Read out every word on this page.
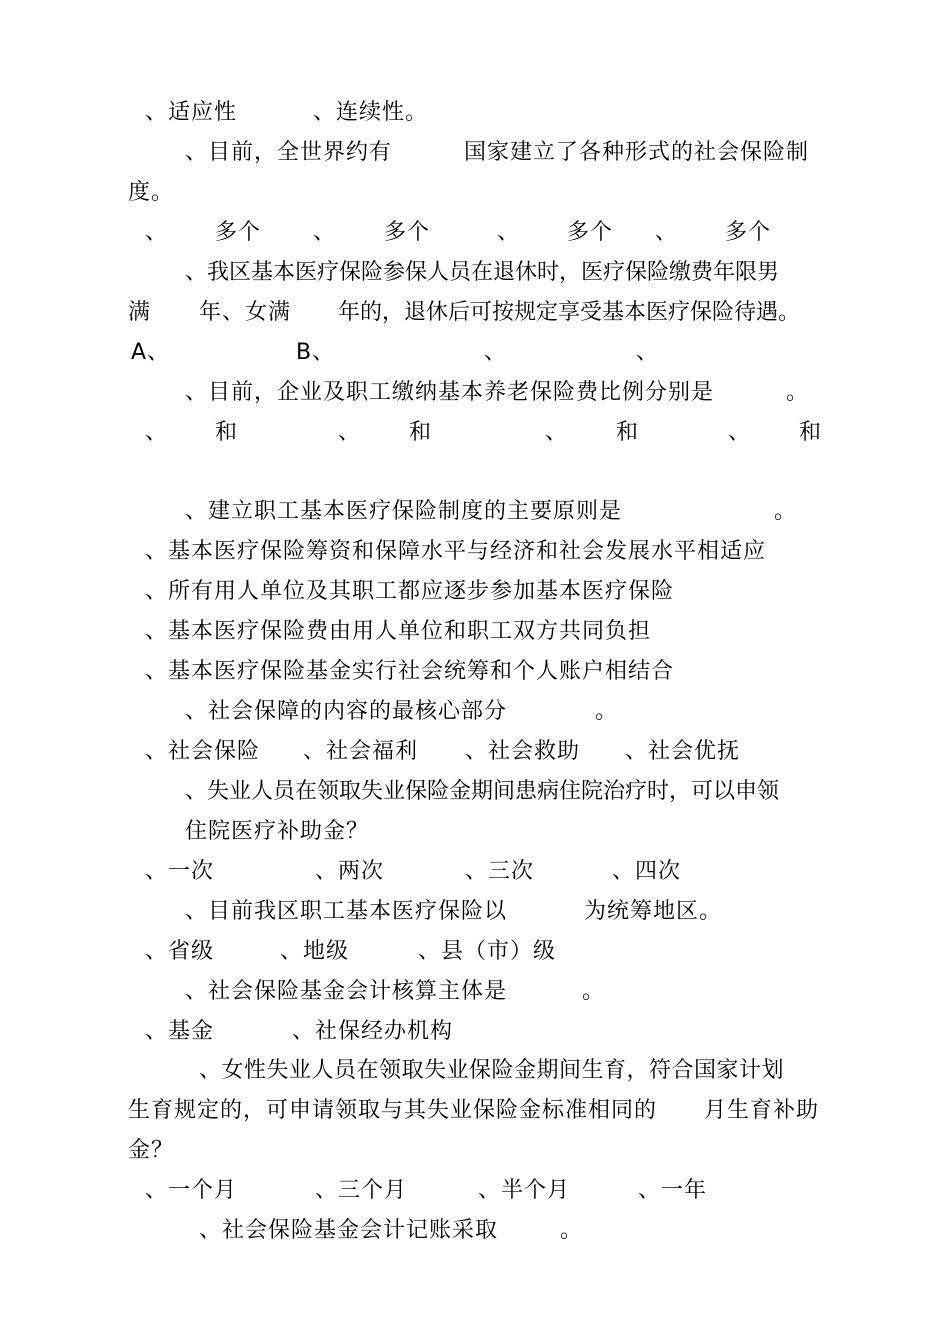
、适应性	、连续性。
、目前，全世界约有	国家建立了各种形式的社会保险制
度。
、 多个 、 多个	、 多个 、 多个
、我区基本医疗保险参保人员在退休时，医疗保险缴费年限男
满 年、女满 年的，退休后可按规定享受基本医疗保险待遇。
A、	B、	、	、
、目前，企业及职工缴纳基本养老保险费比例分别是	。
、 和	、 和	、 和	、 和
、建立职工基本医疗保险制度的主要原则是	。
、基本医疗保险筹资和保障水平与经济和社会发展水平相适应
、所有用人单位及其职工都应逐步参加基本医疗保险
、基本医疗保险费由用人单位和职工双方共同负担
、基本医疗保险基金实行社会统筹和个人账户相结合
、社会保障的内容的最核心部分	。
、社会保险 、社会福利 、社会救助 、社会优抚
、失业人员在领取失业保险金期间患病住院治疗时，可以申领
住院医疗补助金？
、一次	、两次	、三次	、四次
、目前我区职工基本医疗保险以	为统筹地区。
、省级	、地级	、县（市）级
、社会保险基金会计核算主体是	。
、基金	、社保经办机构
、女性失业人员在领取失业保险金期间生育，符合国家计划
生育规定的，可申请领取与其失业保险金标准相同的 月生育补助
金？
、一个月	、三个月	、半个月	、一年
、社会保险基金会计记账采取	。
